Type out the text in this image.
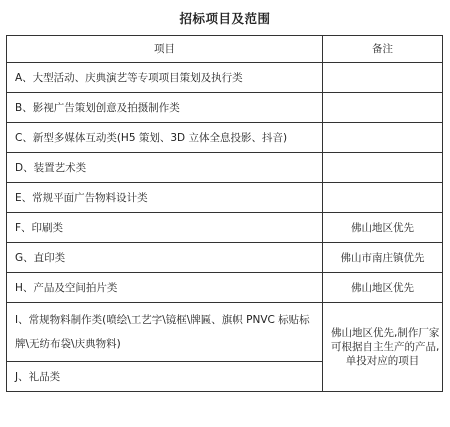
招标项目及范围
项目	备注
A、大型活动、庆典演艺等专项项目策划及执行类	
B、影视广告策划创意及拍摄制作类	
C、新型多媒体互动类(H5 策划、3D 立体全息投影、抖音)	
D、装置艺术类	
E、常规平面广告物料设计类	
F、印刷类	佛山地区优先
G、直印类	佛山市南庄镇优先
H、产品及空间拍片类	佛山地区优先
I、常规物料制作类(喷绘\工艺字\镜框\牌匾、旗帜 PNVC 标贴标牌\无纺布袋\庆典物料)	佛山地区优先,制作厂家
可根据自主生产的产品,
单投对应的项目

J、礼品类	
